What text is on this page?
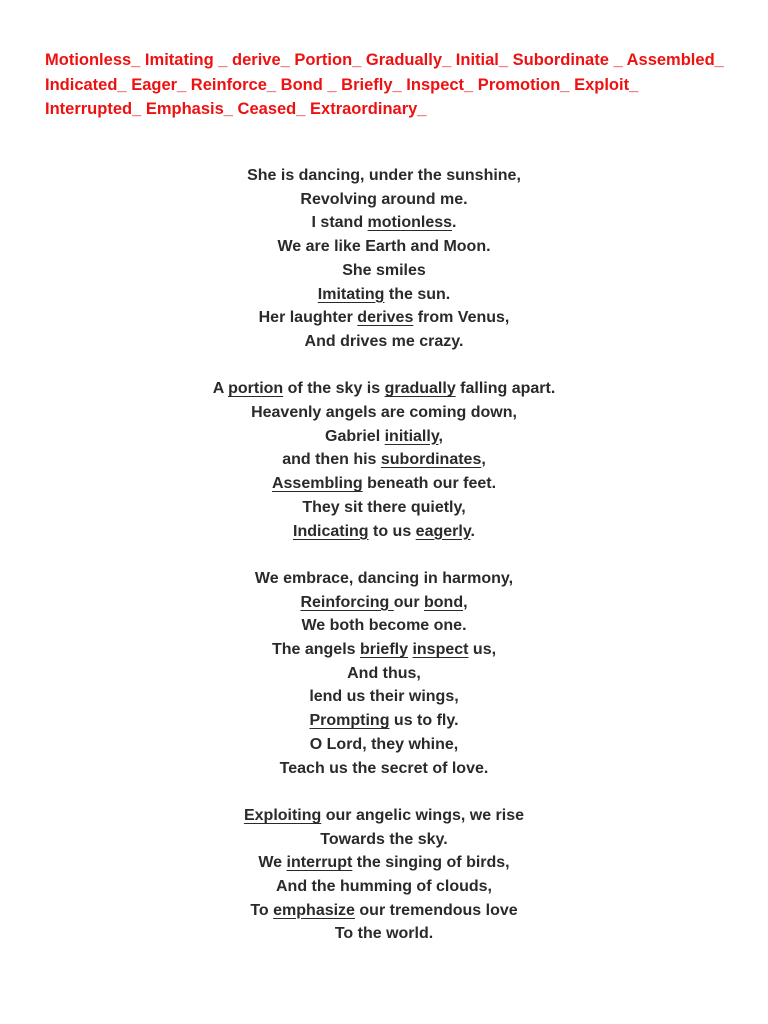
Motionless_ Imitating _ derive_ Portion_ Gradually_ Initial_ Subordinate _ Assembled_ Indicated_ Eager_ Reinforce_ Bond _ Briefly_ Inspect_ Promotion_ Exploit_ Interrupted_ Emphasis_ Ceased_ Extraordinary_
She is dancing, under the sunshine,
Revolving around me.
I stand motionless.
We are like Earth and Moon.
She smiles
Imitating the sun.
Her laughter derives from Venus,
And drives me crazy.
A portion of the sky is gradually falling apart.
Heavenly angels are coming down,
Gabriel initially,
and then his subordinates,
Assembling beneath our feet.
They sit there quietly,
Indicating to us eagerly.
We embrace, dancing in harmony,
Reinforcing our bond,
We both become one.
The angels briefly inspect us,
And thus,
lend us their wings,
Prompting us to fly.
O Lord, they whine,
Teach us the secret of love.
Exploiting our angelic wings, we rise
Towards the sky.
We interrupt the singing of birds,
And the humming of clouds,
To emphasize our tremendous love
To the world.
